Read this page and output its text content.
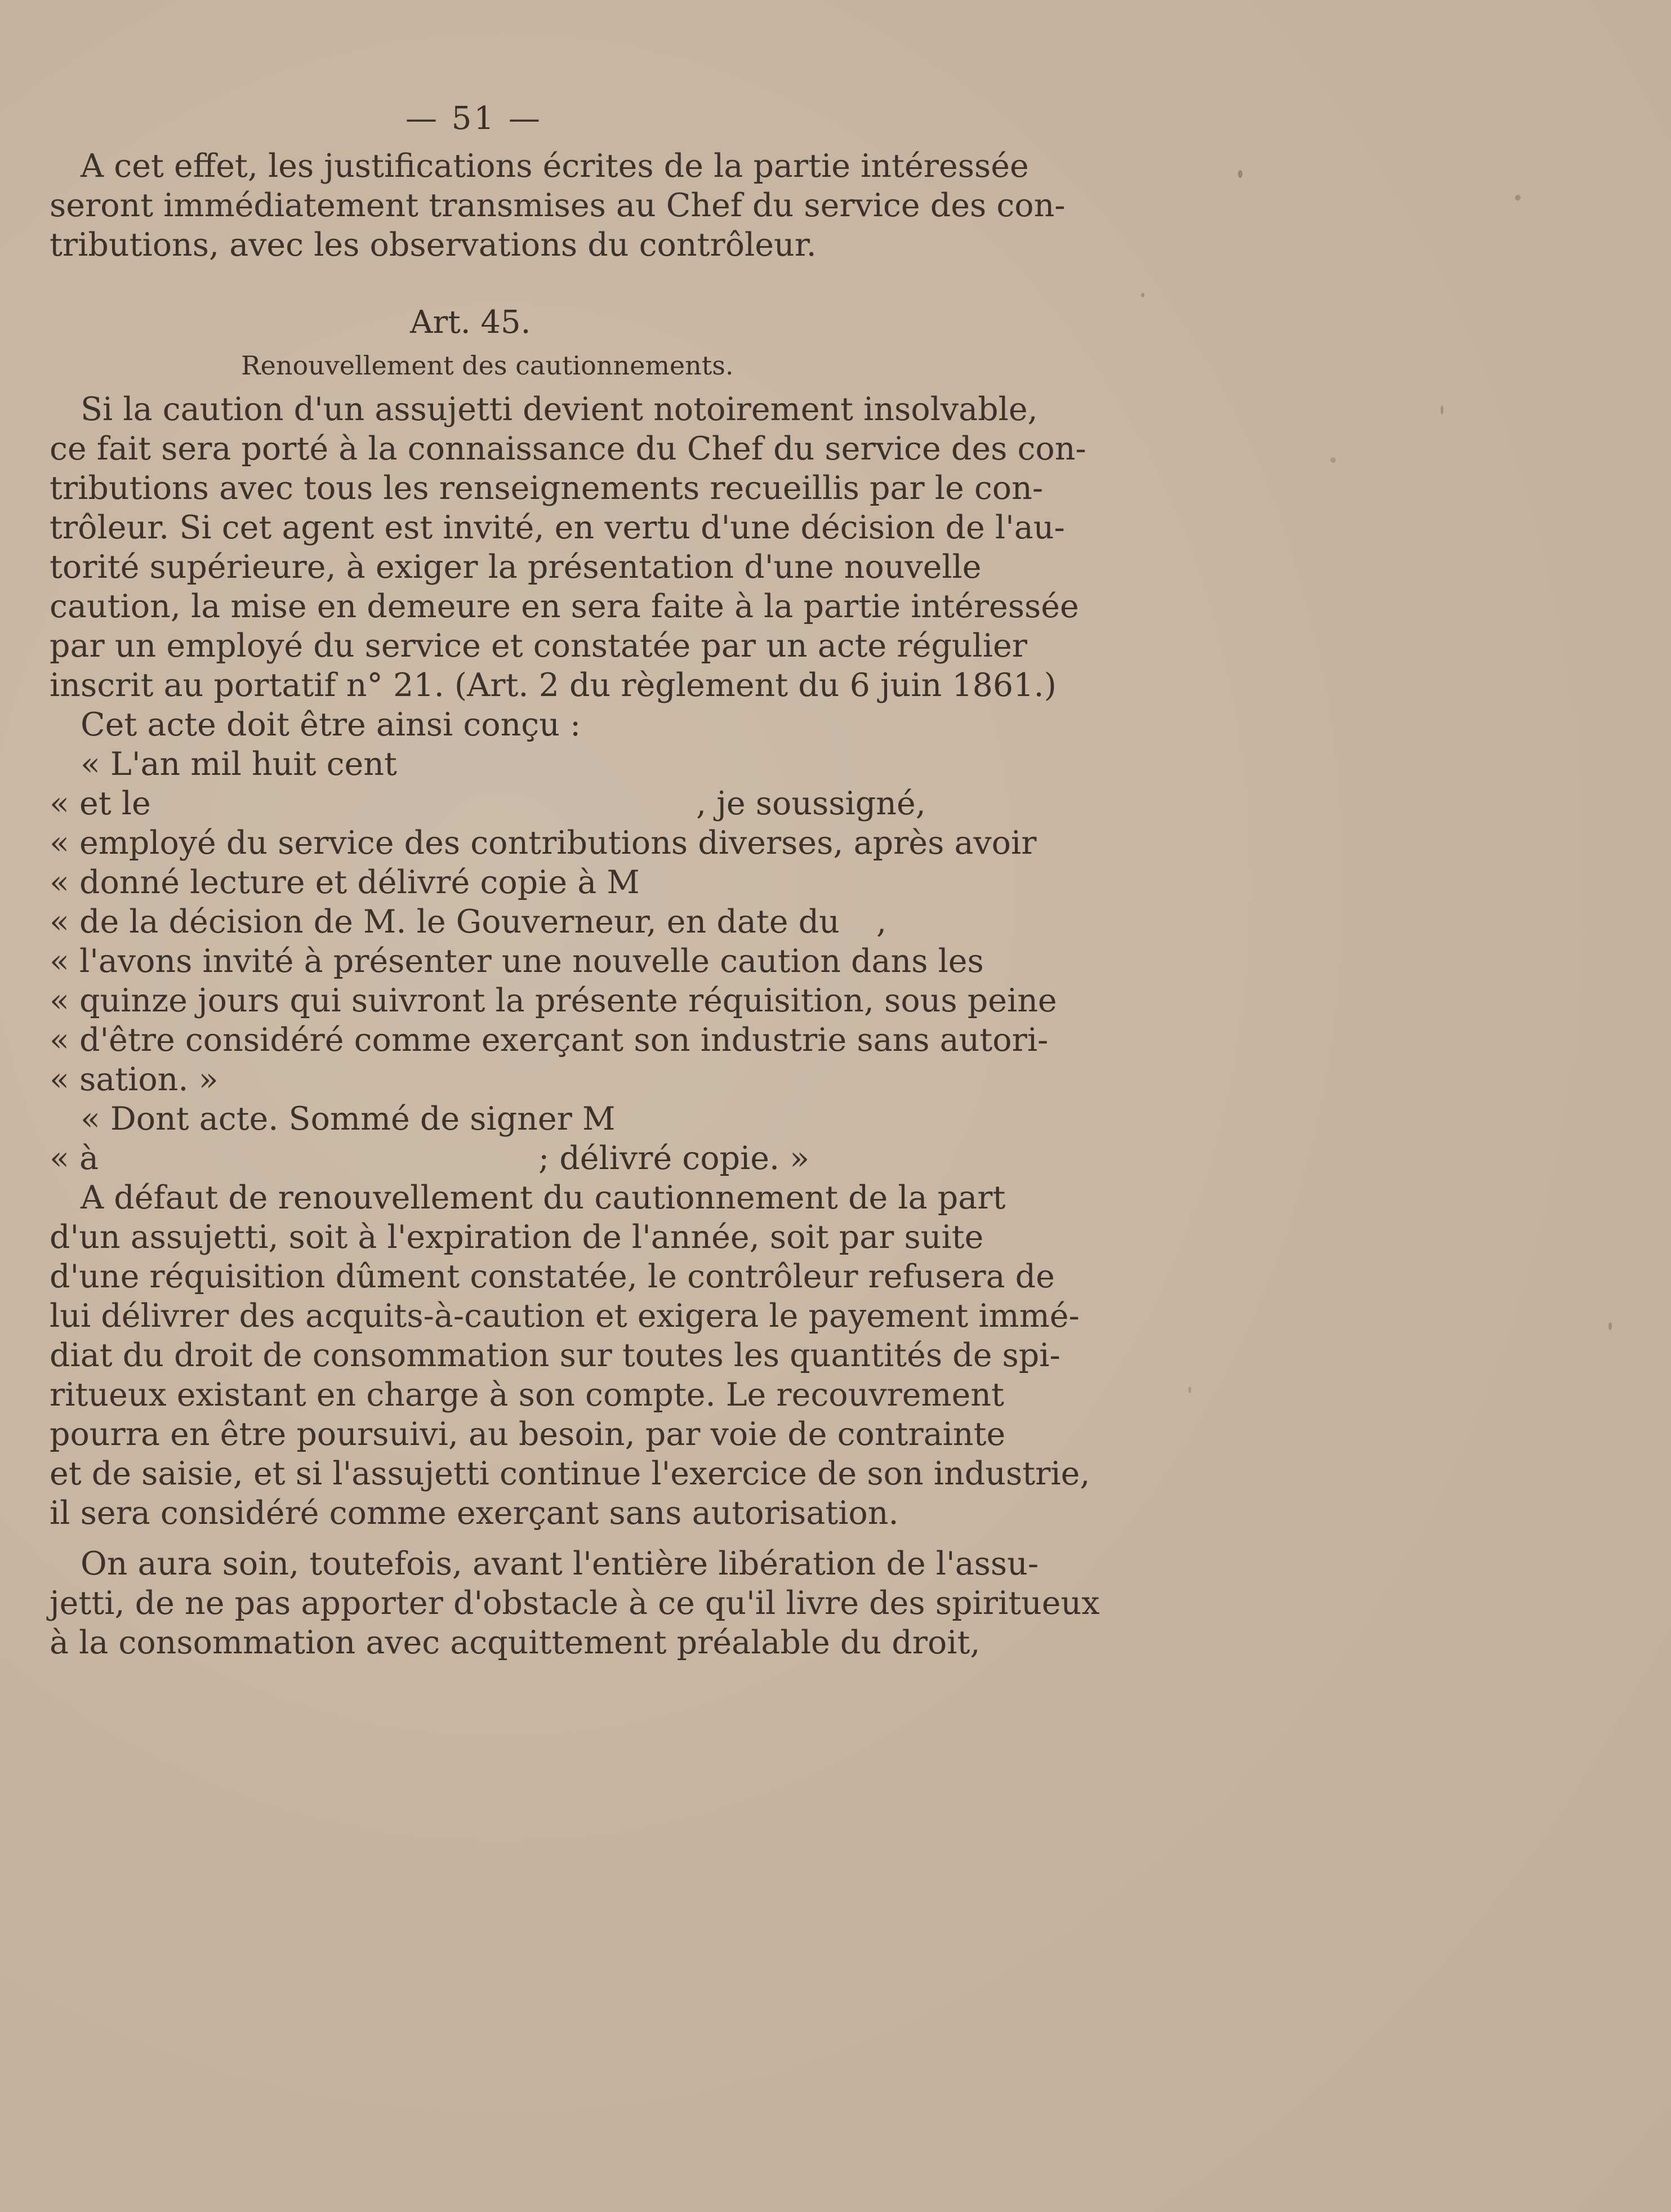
— 51 —
A cet effet, les justifications écrites de la partie intéressée
seront immédiatement transmises au Chef du service des con-
tributions, avec les observations du contrôleur.
Art. 45.
Renouvellement des cautionnements.
Si la caution d'un assujetti devient notoirement insolvable,
ce fait sera porté à la connaissance du Chef du service des con-
tributions avec tous les renseignements recueillis par le con-
trôleur. Si cet agent est invité, en vertu d'une décision de l'au-
torité supérieure, à exiger la présentation d'une nouvelle
caution, la mise en demeure en sera faite à la partie intéressée
par un employé du service et constatée par un acte régulier
inscrit au portatif n° 21. (Art. 2 du règlement du 6 juin 1861.)
Cet acte doit être ainsi conçu :
« L'an mil huit cent
« et le	, je soussigné,
« employé du service des contributions diverses, après avoir
« donné lecture et délivré copie à M
« de la décision de M. le Gouverneur, en date du ,
« l'avons invité à présenter une nouvelle caution dans les
« quinze jours qui suivront la présente réquisition, sous peine
« d'être considéré comme exerçant son industrie sans autori-
« sation. »
« Dont acte. Sommé de signer M
« à	; délivré copie. »
A défaut de renouvellement du cautionnement de la part
d'un assujetti, soit à l'expiration de l'année, soit par suite
d'une réquisition dûment constatée, le contrôleur refusera de
lui délivrer des acquits-à-caution et exigera le payement immé-
diat du droit de consommation sur toutes les quantités de spi-
ritueux existant en charge à son compte. Le recouvrement
pourra en être poursuivi, au besoin, par voie de contrainte
et de saisie, et si l'assujetti continue l'exercice de son industrie,
il sera considéré comme exerçant sans autorisation.
On aura soin, toutefois, avant l'entière libération de l'assu-
jetti, de ne pas apporter d'obstacle à ce qu'il livre des spiritueux
à la consommation avec acquittement préalable du droit,
